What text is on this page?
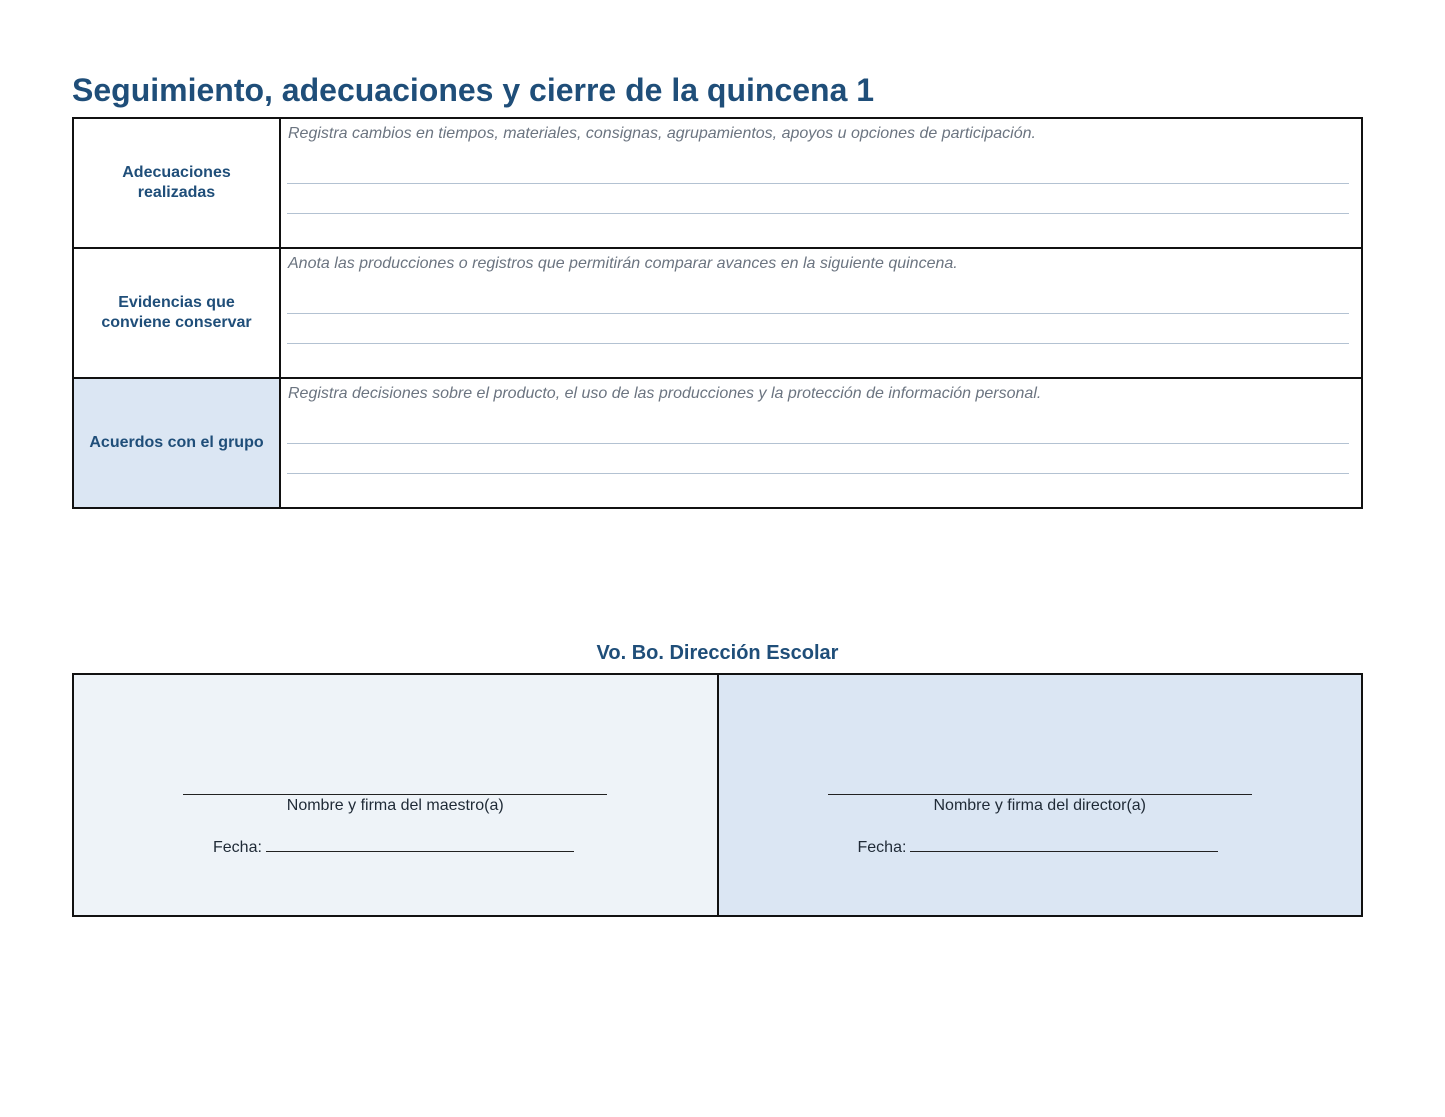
Seguimiento, adecuaciones y cierre de la quincena 1
Adecuaciones realizadas	Registra cambios en tiempos, materiales, consignas, agrupamientos, apoyos u opciones de participación.

Evidencias que conviene conservar	Anota las producciones o registros que permitirán comparar avances en la siguiente quincena.

Acuerdos con el grupo	Registra decisiones sobre el producto, el uso de las producciones y la protección de información personal.
Vo. Bo. Dirección Escolar
Nombre y firma del maestro(a)
Fecha:

Nombre y firma del director(a)
Fecha:
